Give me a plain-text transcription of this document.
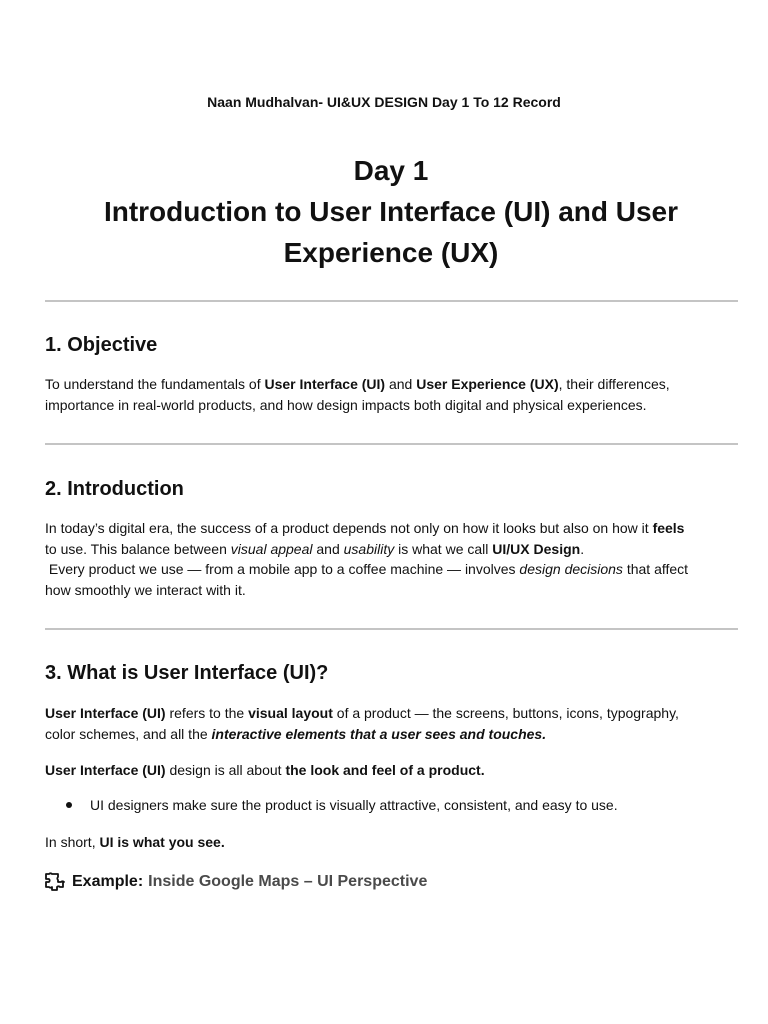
Naan Mudhalvan- UI&UX DESIGN Day 1 To 12 Record
Day 1
Introduction to User Interface (UI) and User
Experience (UX)
1. Objective
To understand the fundamentals of User Interface (UI) and User Experience (UX), their differences,
importance in real-world products, and how design impacts both digital and physical experiences.
2. Introduction
In today’s digital era, the success of a product depends not only on how it looks but also on how it feels
to use. This balance between visual appeal and usability is what we call UI/UX Design.
Every product we use — from a mobile app to a coffee machine — involves design decisions that affect
how smoothly we interact with it.
3. What is User Interface (UI)?
User Interface (UI) refers to the visual layout of a product — the screens, buttons, icons, typography,
color schemes, and all the interactive elements that a user sees and touches.
User Interface (UI) design is all about the look and feel of a product.
UI designers make sure the product is visually attractive, consistent, and easy to use.
In short, UI is what you see.
Example: Inside Google Maps – UI Perspective
